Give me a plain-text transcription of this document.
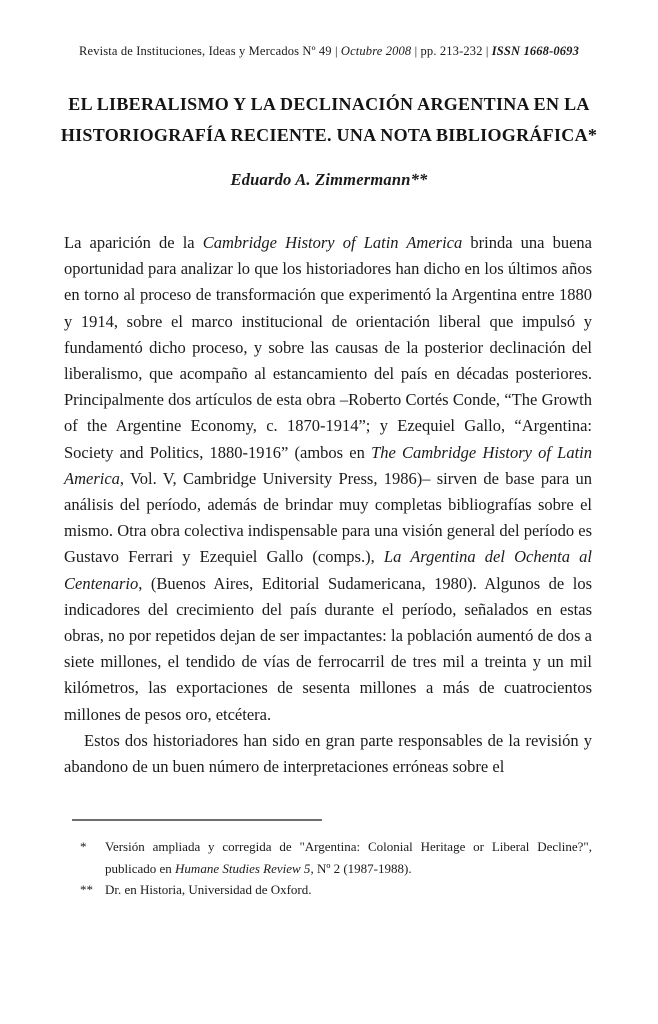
Revista de Instituciones, Ideas y Mercados Nº 49 | Octubre 2008 | pp. 213-232 | ISSN 1668-0693
EL LIBERALISMO Y LA DECLINACIÓN ARGENTINA EN LA
HISTORIOGRAFÍA RECIENTE. UNA NOTA BIBLIOGRÁFICA*
Eduardo A. Zimmermann**

La aparición de la Cambridge History of Latin America brinda una buena oportunidad para analizar lo que los historiadores han dicho en los últimos años en torno al proceso de transformación que experimentó la Argentina entre 1880 y 1914, sobre el marco institucional de orientación liberal que impulsó y fundamentó dicho proceso, y sobre las causas de la posterior declinación del liberalismo, que acompaño al estancamiento del país en décadas posteriores. Principalmente dos artículos de esta obra –Roberto Cortés Conde, “The Growth of the Argentine Economy, c. 1870-1914”; y Ezequiel Gallo, “Argentina: Society and Politics, 1880-1916” (ambos en The Cambridge History of Latin America, Vol. V, Cambridge University Press, 1986)– sirven de base para un análisis del período, además de brindar muy completas bibliografías sobre el mismo. Otra obra colectiva indispensable para una visión general del período es Gustavo Ferrari y Ezequiel Gallo (comps.), La Argentina del Ochenta al Centenario, (Buenos Aires, Editorial Sudamericana, 1980). Algunos de los indicadores del crecimiento del país durante el período, señalados en estas obras, no por repetidos dejan de ser impactantes: la población aumentó de dos a siete millones, el tendido de vías de ferrocarril de tres mil a treinta y un mil kilómetros, las exportaciones de sesenta millones a más de cuatrocientos millones de pesos oro, etcétera.

Estos dos historiadores han sido en gran parte responsables de la revisión y abandono de un buen número de interpretaciones erróneas sobre el

*	Versión ampliada y corregida de "Argentina: Colonial Heritage or Liberal Decline?", publicado en Humane Studies Review 5, Nº 2 (1987-1988).
** Dr. en Historia, Universidad de Oxford.
